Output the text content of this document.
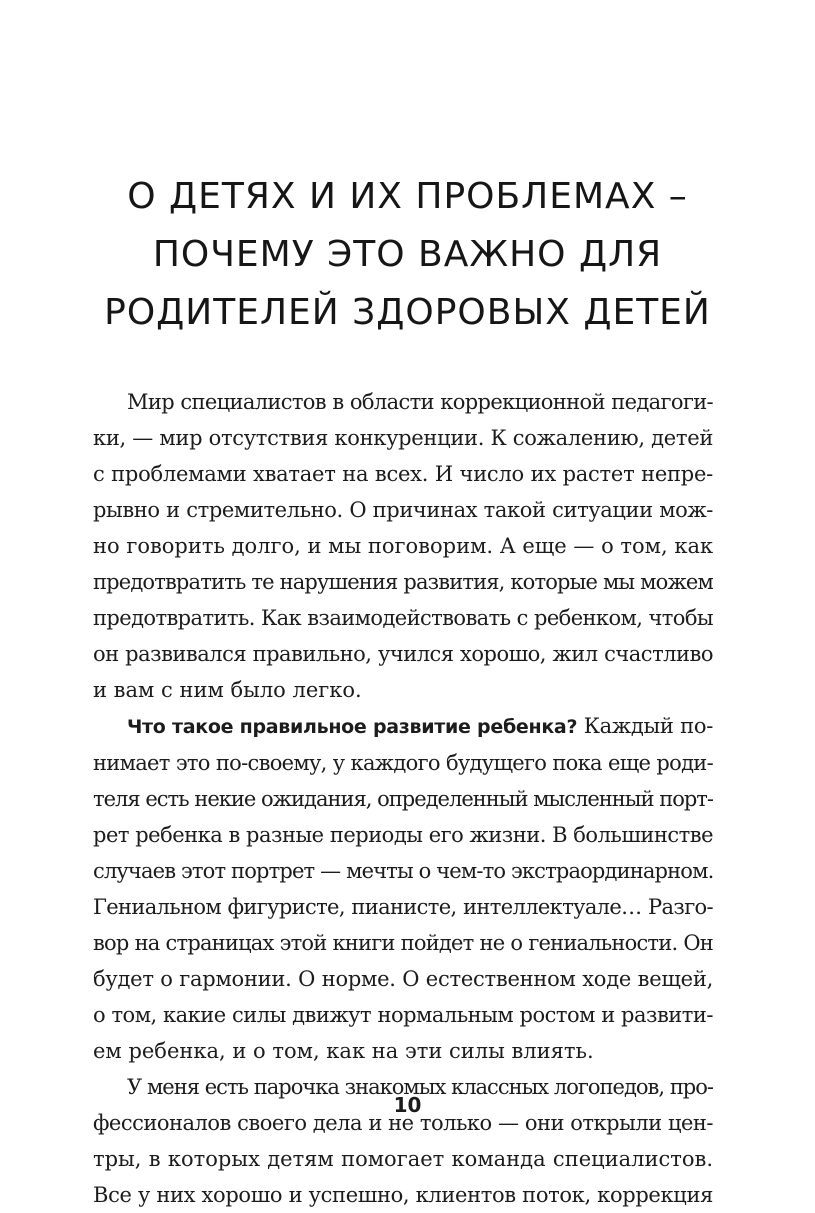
О ДЕТЯХ И ИХ ПРОБЛЕМАХ –
ПОЧЕМУ ЭТО ВАЖНО ДЛЯ
РОДИТЕЛЕЙ ЗДОРОВЫХ ДЕТЕЙ

Мир специалистов в области коррекционной педагоги-
ки, — мир отсутствия конкуренции. К сожалению, детей
с проблемами хватает на всех. И число их растет непре-
рывно и стремительно. О причинах такой ситуации мож-
но говорить долго, и мы поговорим. А еще — о том, как
предотвратить те нарушения развития, которые мы можем
предотвратить. Как взаимодействовать с ребенком, чтобы
он развивался правильно, учился хорошо, жил счастливо
и вам с ним было легко.

Что такое правильное развитие ребенка? Каждый по-
нимает это по-своему, у каждого будущего пока еще роди-
теля есть некие ожидания, определенный мысленный порт-
рет ребенка в разные периоды его жизни. В большинстве
случаев этот портрет — мечты о чем-то экстраординарном.
Гениальном фигуристе, пианисте, интеллектуале… Разго-
вор на страницах этой книги пойдет не о гениальности. Он
будет о гармонии. О норме. О естественном ходе вещей,
о том, какие силы движут нормальным ростом и развити-
ем ребенка, и о том, как на эти силы влиять.

У меня есть парочка знакомых классных логопедов, про-
фессионалов своего дела и не только — они открыли цен-
тры, в которых детям помогает команда специалистов.
Все у них хорошо и успешно, клиентов поток, коррекция

10
